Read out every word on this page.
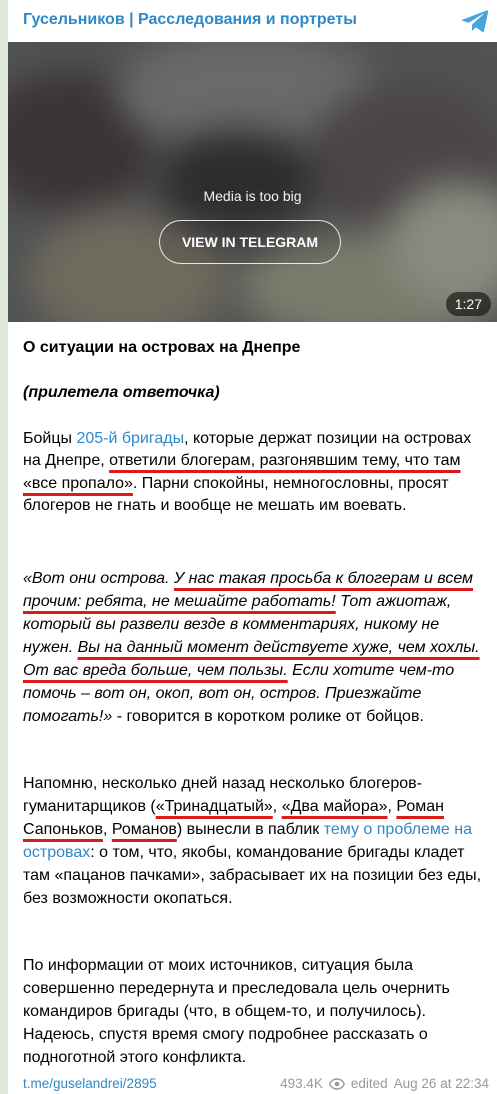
Гусельников | Расследования и портреты
Media is too big
VIEW IN TELEGRAM
1:27
О ситуации на островах на Днепре
(прилетела ответочка)
Бойцы 205-й бригады, которые держат позиции на островах на Днепре, ответили блогерам, разгонявшим тему, что там «все пропало». Парни спокойны, немногословны, просят блогеров не гнать и вообще не мешать им воевать.
«Вот они острова. У нас такая просьба к блогерам и всем прочим: ребята, не мешайте работать! Тот ажиотаж, который вы развели везде в комментариях, никому не нужен. Вы на данный момент действуете хуже, чем хохлы. От вас вреда больше, чем пользы. Если хотите чем-то помочь – вот он, окоп, вот он, остров. Приезжайте помогать!» - говорится в коротком ролике от бойцов.
Напомню, несколько дней назад несколько блогеров-гуманитарщиков («Тринадцатый», «Два майора», Роман Сапоньков, Романов) вынесли в паблик тему о проблеме на островах: о том, что, якобы, командование бригады кладет там «пацанов пачками», забрасывает их на позиции без еды, без возможности окопаться.
По информации от моих источников, ситуация была совершенно передернута и преследовала цель очернить командиров бригады (что, в общем-то, и получилось). Надеюсь, спустя время смогу подробнее рассказать о подноготной этого конфликта.
t.me/guselandrei/2895	493.4K edited Aug 26 at 22:34
